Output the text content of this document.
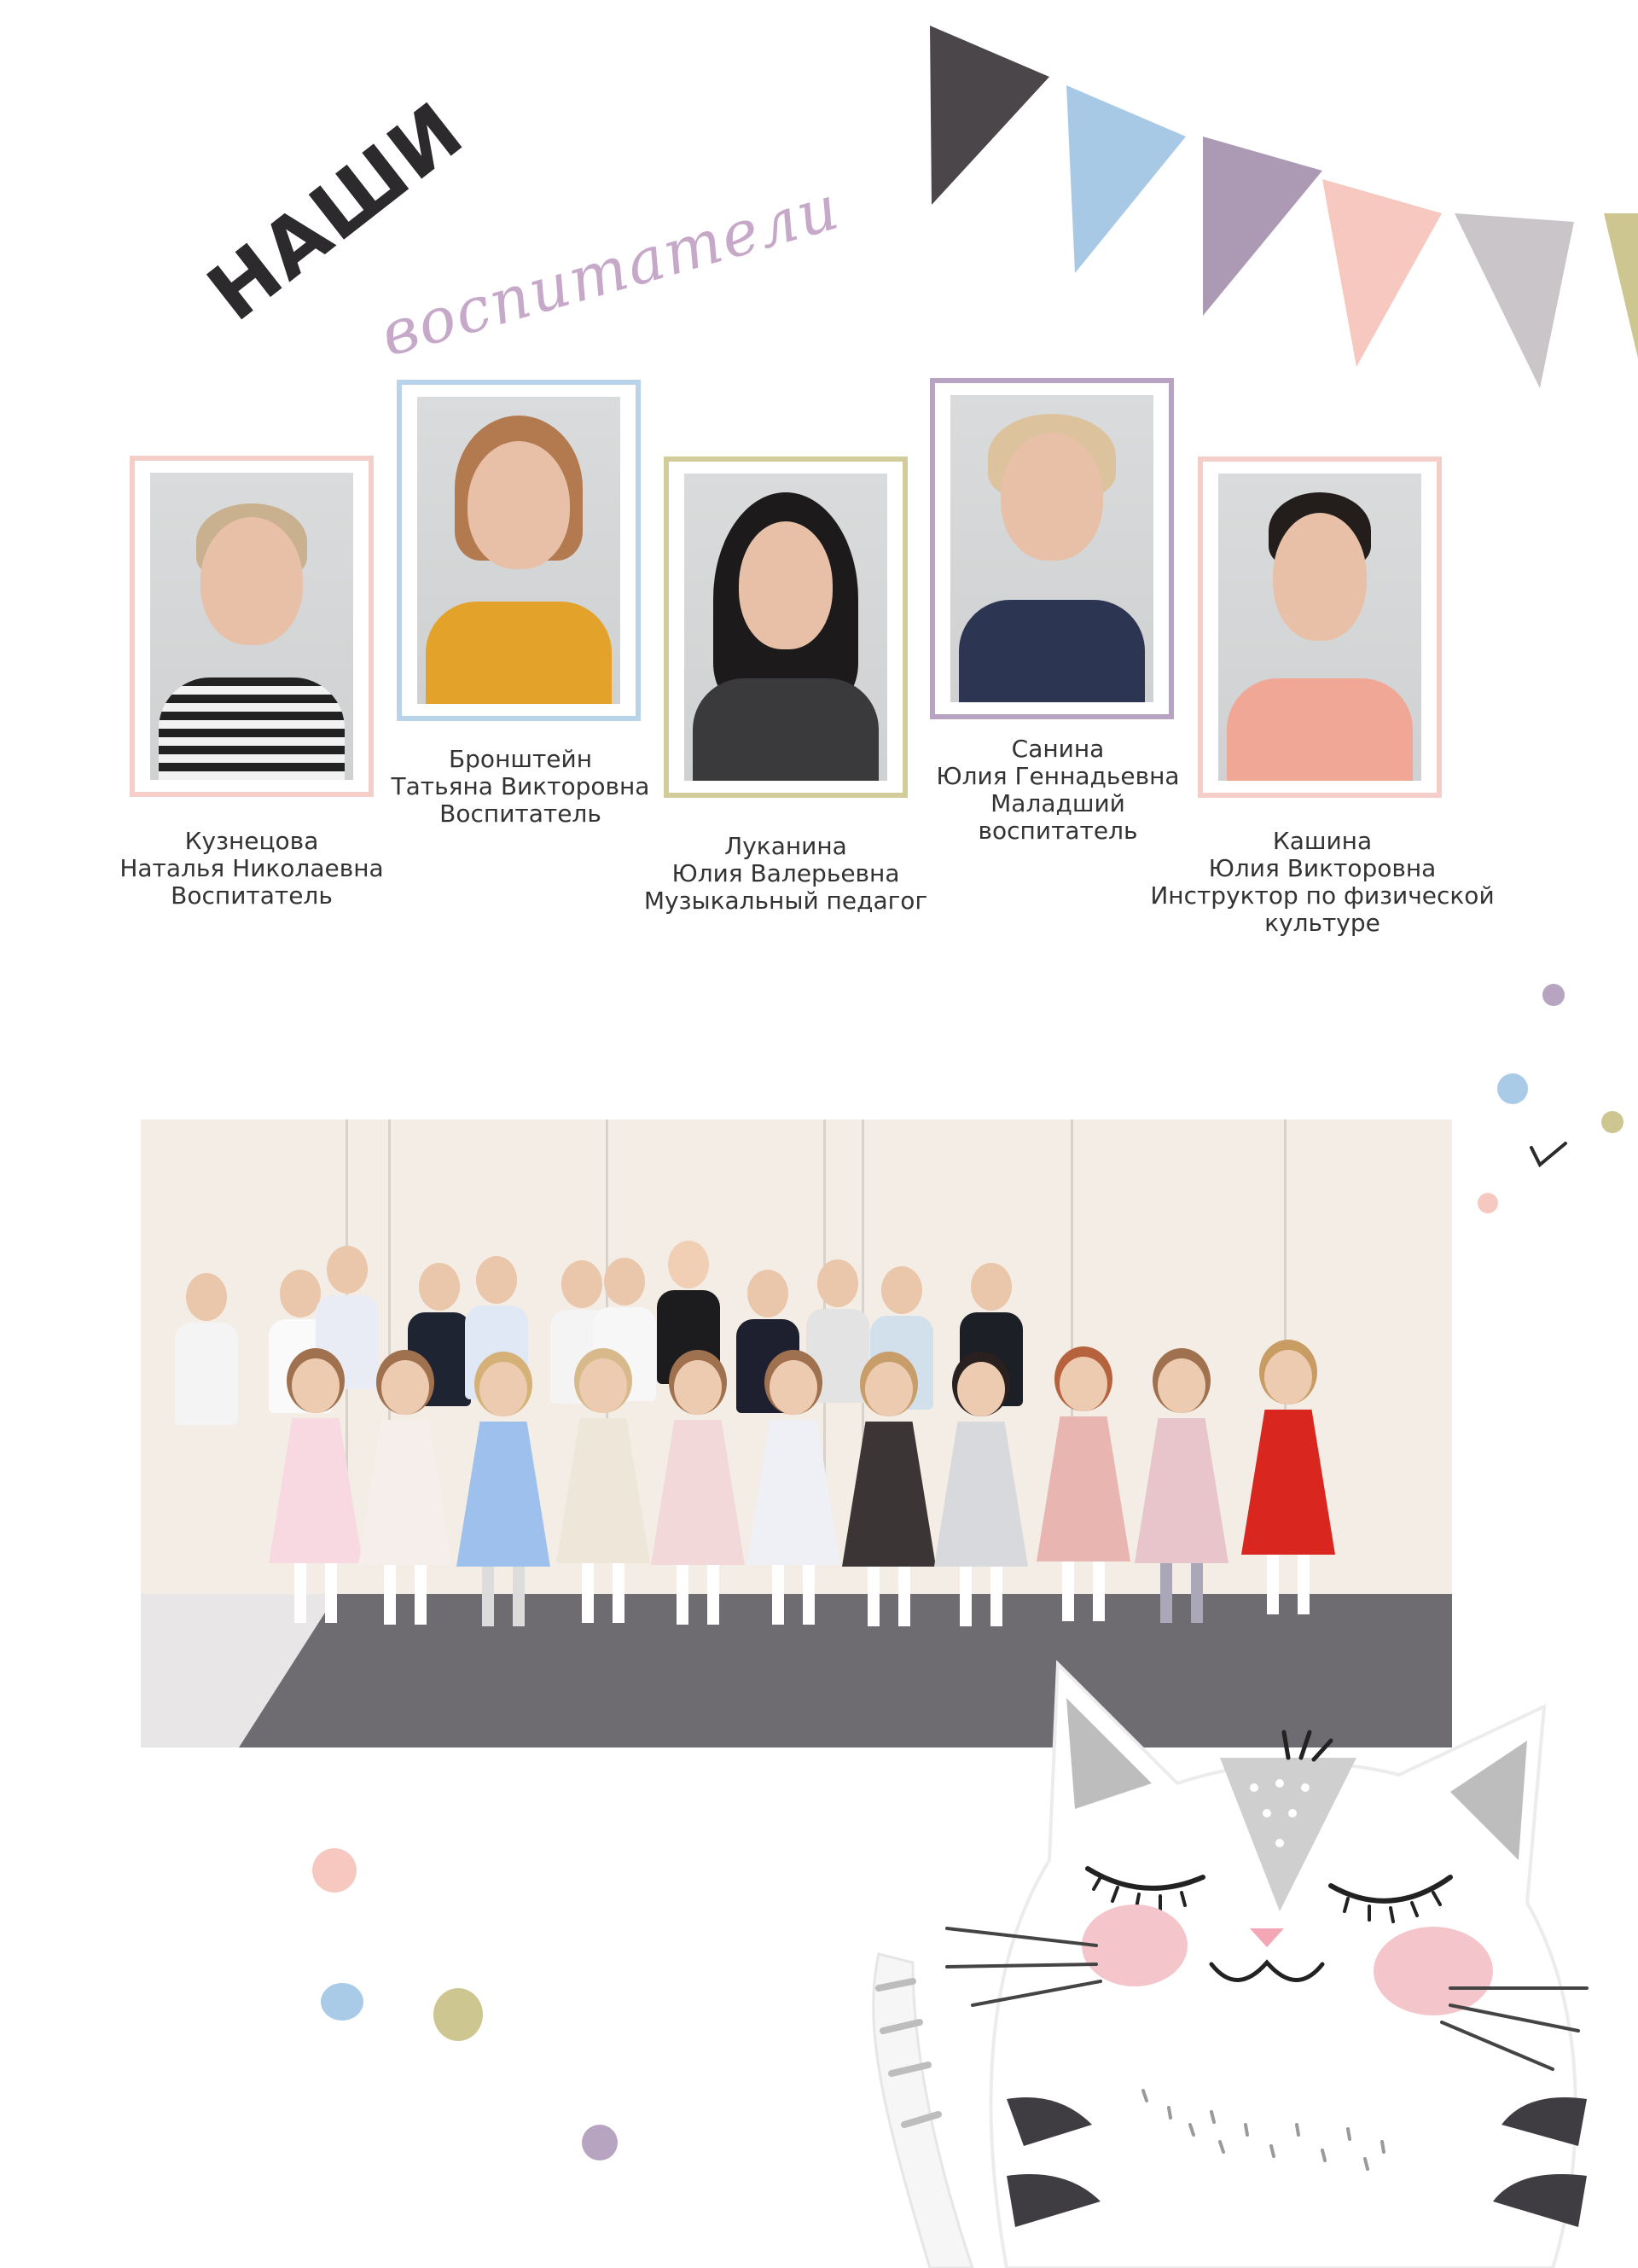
НАШИ
воспитатели
Кузнецова
Наталья Николаевна
Воспитатель
Бронштейн
Татьяна Викторовна
Воспитатель
Луканина
Юлия Валерьевна
Музыкальный педагог
Санина
Юлия Геннадьевна
Маладший
воспитатель	Кашина
Юлия Викторовна
Инструктор по физической
культуре
